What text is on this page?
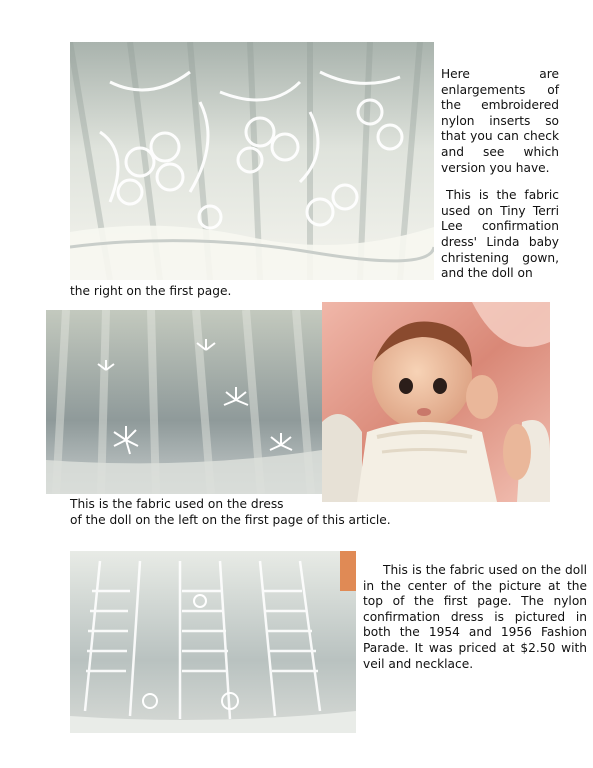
Here are enlargements of the embroidered nylon inserts so that you can check and see which version you have.
This is the fabric used on Tiny Terri Lee confirmation dress' Linda baby christening gown, and the doll on
the right on the first page.
This is the fabric used on the dress
of the doll on the left on the first page of this article.
This is the fabric used on the doll in the center of the picture at the top of the first page. The nylon confirmation dress is pictured in both the 1954 and 1956 Fashion Parade. It was priced at $2.50 with veil and necklace.
